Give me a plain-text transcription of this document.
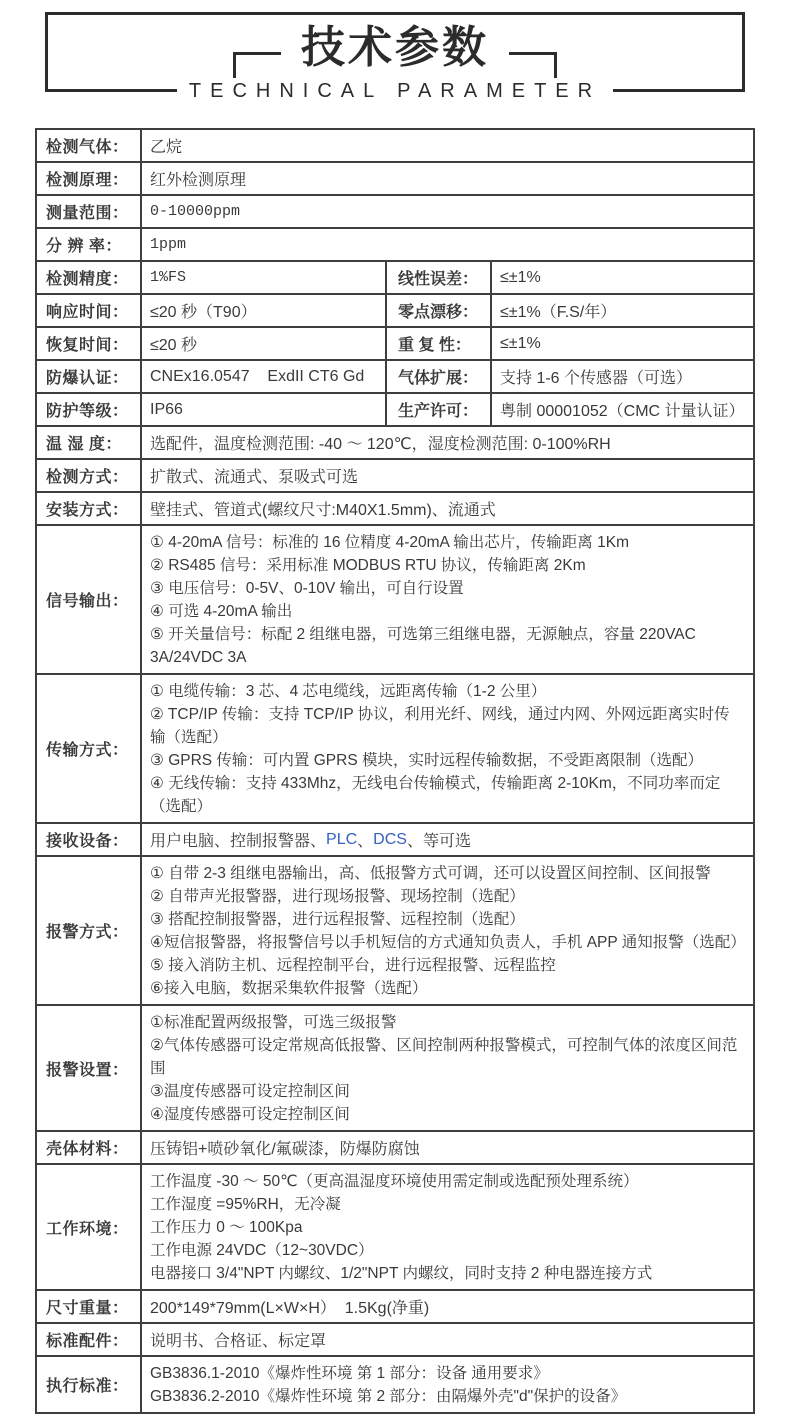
技术参数
TECHNICAL PARAMETER
检测气体：	乙烷
检测原理：	红外检测原理
测量范围：	0-10000ppm
分 辨 率：	1ppm
检测精度：	1%FS	线性误差：	≤±1%
响应时间：	≤20 秒（T90）	零点漂移：	≤±1%（F.S/年）
恢复时间：	≤20 秒	重 复 性：	≤±1%
防爆认证：	CNEx16.0547    ExdII CT6 Gd	气体扩展：	支持 1-6 个传感器（可选）
防护等级：	IP66	生产许可：	粤制 00001052（CMC 计量认证）
温 湿 度：	选配件，温度检测范围: -40 ～ 120℃，湿度检测范围: 0-100%RH
检测方式：	扩散式、流通式、泵吸式可选
安装方式：	壁挂式、管道式(螺纹尺寸:M40X1.5mm)、流通式
信号输出：
① 4-20mA 信号：标准的 16 位精度 4-20mA 输出芯片，传输距离 1Km
② RS485 信号：采用标准 MODBUS RTU 协议，传输距离 2Km
③ 电压信号：0-5V、0-10V 输出，可自行设置
④ 可选 4-20mA 输出
⑤ 开关量信号：标配 2 组继电器，可选第三组继电器，无源触点，容量 220VAC 3A/24VDC 3A
传输方式：
① 电缆传输：3 芯、4 芯电缆线，远距离传输（1-2 公里）
② TCP/IP 传输：支持 TCP/IP 协议，利用光纤、网线，通过内网、外网远距离实时传输（选配）
③ GPRS 传输：可内置 GPRS 模块，实时远程传输数据，不受距离限制（选配）
④ 无线传输：支持 433Mhz，无线电台传输模式，传输距离 2-10Km，不同功率而定（选配）
接收设备：	用户电脑、控制报警器、 PLC 、 DCS 、等可选
报警方式：
① 自带 2-3 组继电器输出，高、低报警方式可调，还可以设置区间控制、区间报警
② 自带声光报警器，进行现场报警、现场控制（选配）
③ 搭配控制报警器，进行远程报警、远程控制（选配）
④短信报警器，将报警信号以手机短信的方式通知负责人，手机 APP 通知报警（选配）
⑤ 接入消防主机、远程控制平台，进行远程报警、远程监控
⑥接入电脑，数据采集软件报警（选配）
报警设置：
①标准配置两级报警，可选三级报警
②气体传感器可设定常规高低报警、区间控制两种报警模式，可控制气体的浓度区间范围
③温度传感器可设定控制区间
④湿度传感器可设定控制区间
壳体材料：	压铸铝+喷砂氧化/氟碳漆，防爆防腐蚀
工作环境：
工作温度 -30 ～ 50℃（更高温湿度环境使用需定制或选配预处理系统）
工作湿度 =95%RH，无冷凝
工作压力 0 ～ 100Kpa
工作电源 24VDC（12~30VDC）
电器接口 3/4"NPT 内螺纹、1/2"NPT 内螺纹，同时支持 2 种电器连接方式
尺寸重量：	200*149*79mm(L×W×H）  1.5Kg(净重)
标准配件：	说明书、合格证、标定罩
执行标准：
GB3836.1-2010《爆炸性环境 第 1 部分：设备 通用要求》
GB3836.2-2010《爆炸性环境 第 2 部分：由隔爆外壳"d"保护的设备》
